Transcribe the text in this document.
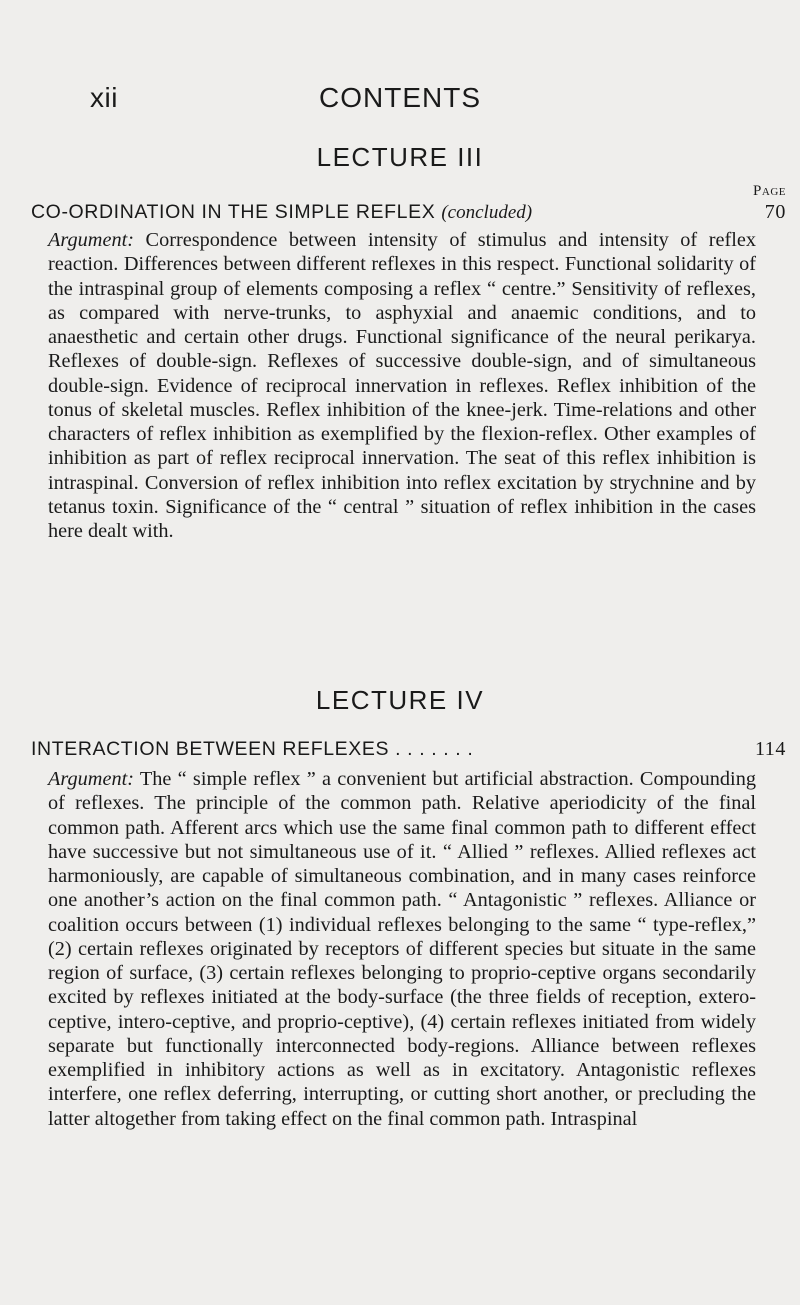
xii	CONTENTS
LECTURE III
Page
CO-ORDINATION IN THE SIMPLE REFLEX (concluded)	70

Argument: Correspondence between intensity of stimulus and intensity of reflex reaction. Differences between different reflexes in this respect. Functional solidarity of the intraspinal group of elements composing a reflex “ centre.” Sensitivity of reflexes, as compared with nerve-trunks, to asphyxial and anaemic conditions, and to anaesthetic and certain other drugs. Functional significance of the neural perikarya. Reflexes of double-sign. Reflexes of successive double-sign, and of simultaneous double-sign. Evidence of reciprocal innervation in reflexes. Reflex inhibition of the tonus of skeletal muscles. Reflex inhibition of the knee-jerk. Time-relations and other characters of reflex inhibition as exemplified by the flexion-reflex. Other examples of inhibition as part of reflex reciprocal innervation. The seat of this reflex inhibition is intraspinal. Conversion of reflex inhibition into reflex excitation by strychnine and by tetanus toxin. Significance of the “ central ” situation of reflex inhibition in the cases here dealt with.

LECTURE IV
INTERACTION BETWEEN REFLEXES . . . . . . .	114

Argument: The “ simple reflex ” a convenient but artificial abstraction. Compounding of reflexes. The principle of the common path. Relative aperiodicity of the final common path. Afferent arcs which use the same final common path to different effect have successive but not simultaneous use of it. “ Allied ” reflexes. Allied reflexes act harmoniously, are capable of simultaneous combination, and in many cases reinforce one another’s action on the final common path. “ Antagonistic ” reflexes. Alliance or coalition occurs between (1) individual reflexes belonging to the same “ type-reflex,” (2) certain reflexes originated by receptors of different species but situate in the same region of surface, (3) certain reflexes belonging to proprio-ceptive organs secondarily excited by reflexes initiated at the body-surface (the three fields of reception, extero-ceptive, intero-ceptive, and proprio-ceptive), (4) certain reflexes initiated from widely separate but functionally interconnected body-regions. Alliance between reflexes exemplified in inhibitory actions as well as in excitatory. Antagonistic reflexes interfere, one reflex deferring, interrupting, or cutting short another, or precluding the latter altogether from taking effect on the final common path. Intraspinal
